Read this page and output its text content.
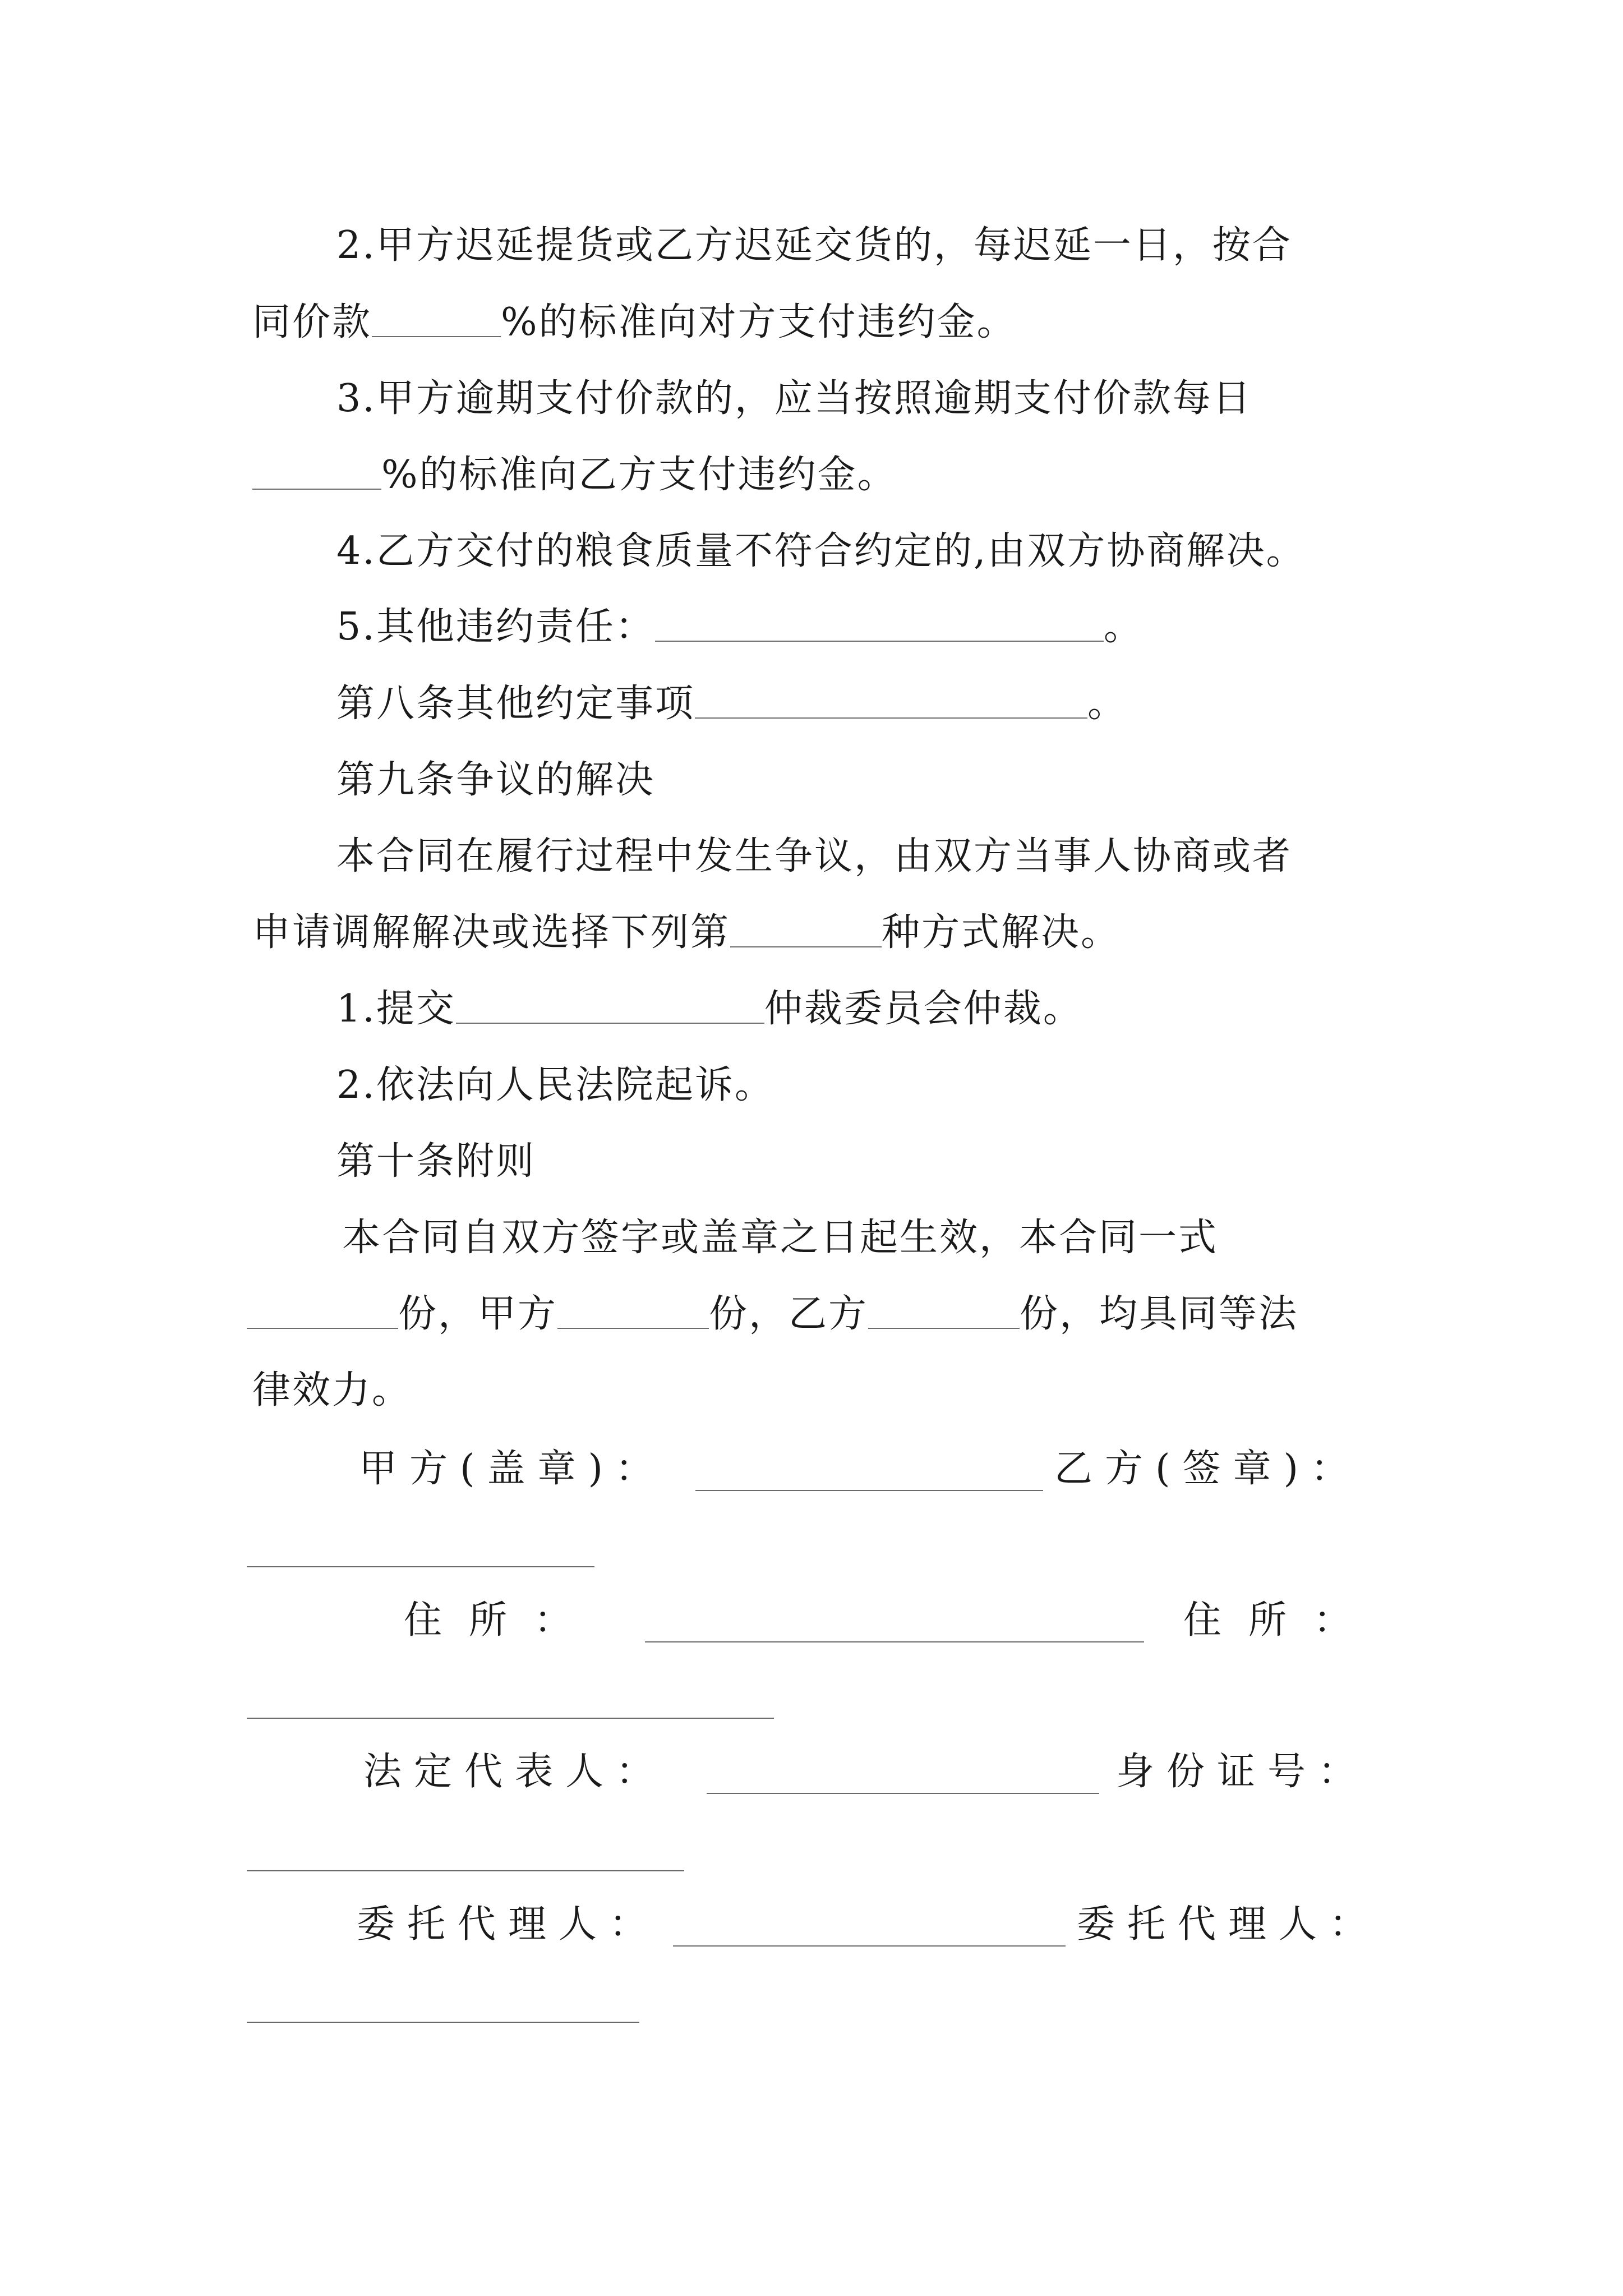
2.甲方迟延提货或乙方迟延交货的，每迟延一日，按合
同价款	%的标准向对方支付违约金。
3.甲方逾期支付价款的，应当按照逾期支付价款每日
%的标准向乙方支付违约金。
4.乙方交付的粮食质量不符合约定的,由双方协商解决。
5.其他违约责任：	。
第八条其他约定事项	。
第九条争议的解决
本合同在履行过程中发生争议，由双方当事人协商或者
申请调解解决或选择下列第	种方式解决。
1.提交	仲裁委员会仲裁。
2.依法向人民法院起诉。
第十条附则
本合同自双方签字或盖章之日起生效，本合同一式
份，甲方	份，乙方	份，均具同等法
律效力。
甲方(盖章)：	乙方(签章)：
住所：	住所：
法定代表人：	身份证号：
委托代理人：	委托代理人：
